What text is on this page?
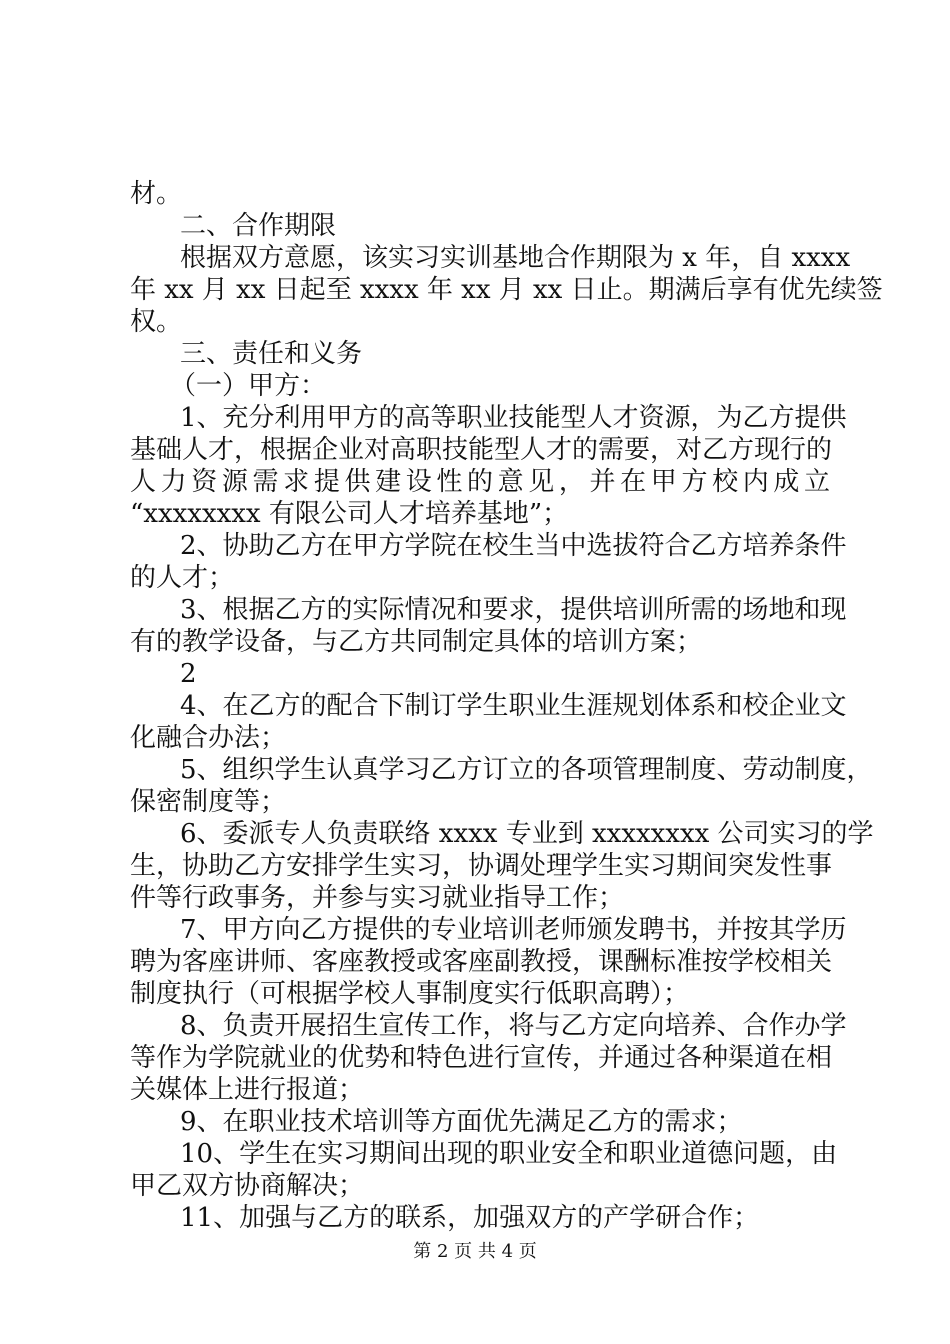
材。
二、合作期限
根据双方意愿，该实习实训基地合作期限为 x 年，自 xxxx
年 xx 月 xx 日起至 xxxx 年 xx 月 xx 日止。期满后享有优先续签
权。
三、责任和义务
（一）甲方：
1、充分利用甲方的高等职业技能型人才资源，为乙方提供
基础人才，根据企业对高职技能型人才的需要，对乙方现行的
人力资源需求提供建设性的意见，并在甲方校内成立
“xxxxxxxx 有限公司人才培养基地”；
2、协助乙方在甲方学院在校生当中选拔符合乙方培养条件
的人才；
3、根据乙方的实际情况和要求，提供培训所需的场地和现
有的教学设备，与乙方共同制定具体的培训方案；
2
4、在乙方的配合下制订学生职业生涯规划体系和校企业文
化融合办法；
5、组织学生认真学习乙方订立的各项管理制度、劳动制度，
保密制度等；
6、委派专人负责联络 xxxx 专业到 xxxxxxxx 公司实习的学
生，协助乙方安排学生实习，协调处理学生实习期间突发性事
件等行政事务，并参与实习就业指导工作；
7、甲方向乙方提供的专业培训老师颁发聘书，并按其学历
聘为客座讲师、客座教授或客座副教授，课酬标准按学校相关
制度执行（可根据学校人事制度实行低职高聘）；
8、负责开展招生宣传工作，将与乙方定向培养、合作办学
等作为学院就业的优势和特色进行宣传，并通过各种渠道在相
关媒体上进行报道；
9、在职业技术培训等方面优先满足乙方的需求；
10、学生在实习期间出现的职业安全和职业道德问题，由
甲乙双方协商解决；
11、加强与乙方的联系，加强双方的产学研合作；
第 2 页 共 4 页
